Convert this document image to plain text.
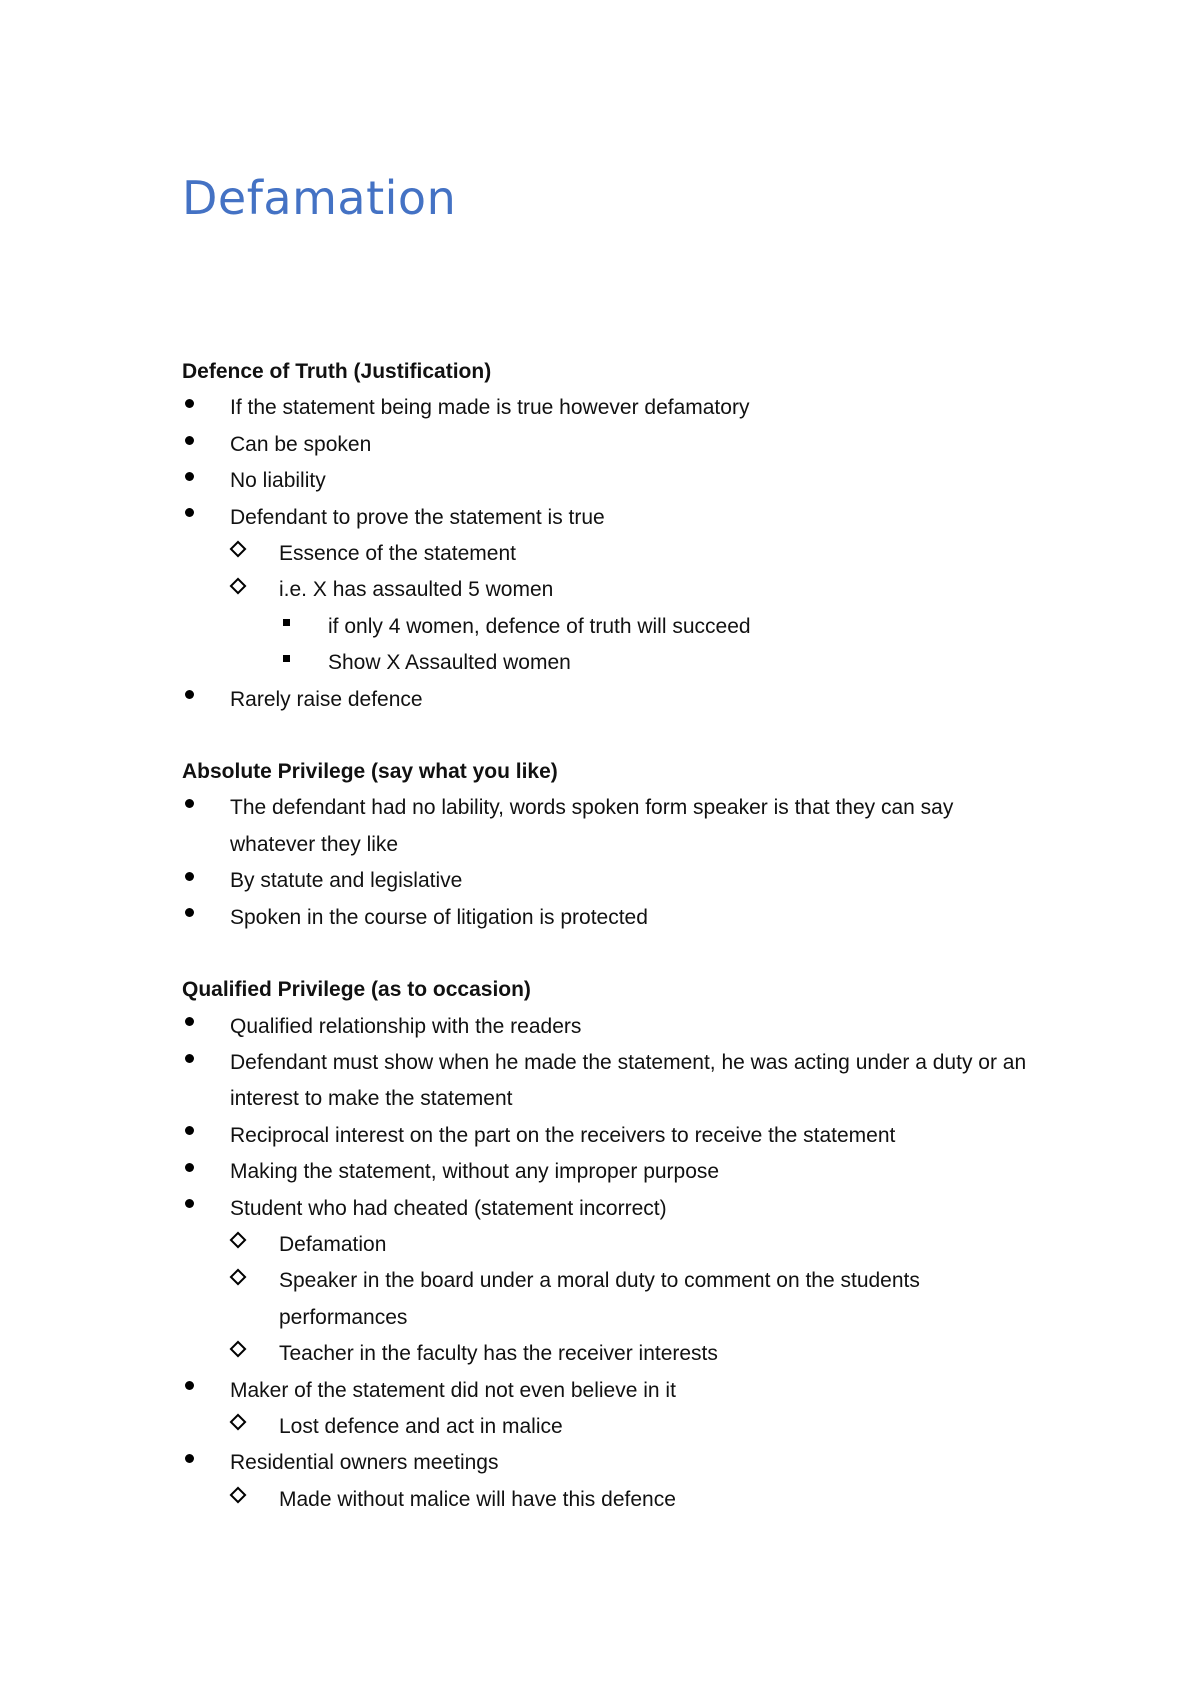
Defamation

Defence of Truth (Justification)

If the statement being made is true however defamatory
Can be spoken
No liability
Defendant to prove the statement is true
Essence of the statement
i.e. X has assaulted 5 women
if only 4 women, defence of truth will succeed
Show X Assaulted women
Rarely raise defence

Absolute Privilege (say what you like)

The defendant had no lability, words spoken form speaker is that they can say whatever they like
By statute and legislative
Spoken in the course of litigation is protected

Qualified Privilege (as to occasion)

Qualified relationship with the readers
Defendant must show when he made the statement, he was acting under a duty or an interest to make the statement
Reciprocal interest on the part on the receivers to receive the statement
Making the statement, without any improper purpose
Student who had cheated (statement incorrect)
Defamation
Speaker in the board under a moral duty to comment on the students performances
Teacher in the faculty has the receiver interests
Maker of the statement did not even believe in it
Lost defence and act in malice
Residential owners meetings
Made without malice will have this defence
